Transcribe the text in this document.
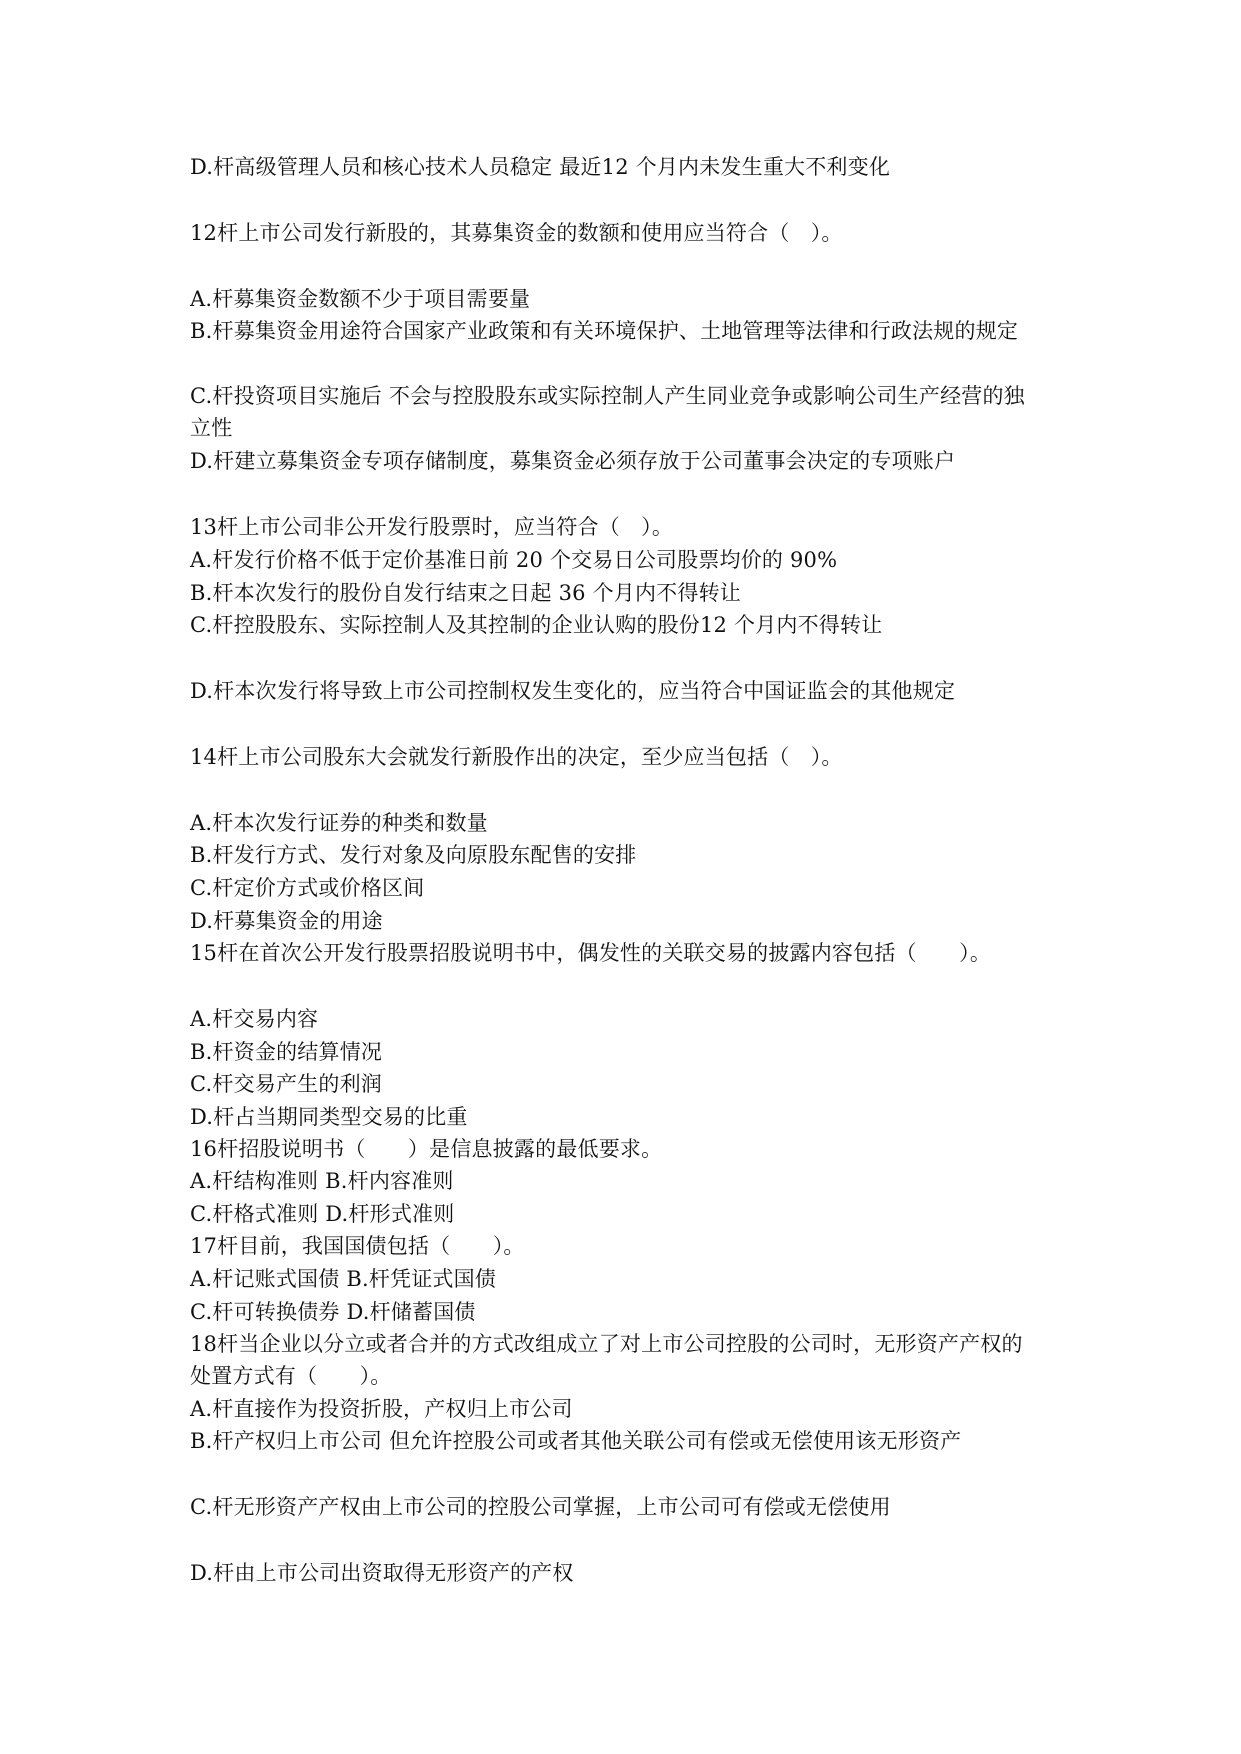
D.杆高级管理人员和核心技术人员稳定 最近12 个月内未发生重大不利变化
12杆上市公司发行新股的，其募集资金的数额和使用应当符合（　）。
A.杆募集资金数额不少于项目需要量
B.杆募集资金用途符合国家产业政策和有关环境保护、土地管理等法律和行政法规的规定
C.杆投资项目实施后 不会与控股股东或实际控制人产生同业竞争或影响公司生产经营的独
立性
D.杆建立募集资金专项存储制度，募集资金必须存放于公司董事会决定的专项账户
13杆上市公司非公开发行股票时，应当符合（　）。
A.杆发行价格不低于定价基准日前 20 个交易日公司股票均价的 90%
B.杆本次发行的股份自发行结束之日起 36 个月内不得转让
C.杆控股股东、实际控制人及其控制的企业认购的股份12 个月内不得转让
D.杆本次发行将导致上市公司控制权发生变化的，应当符合中国证监会的其他规定
14杆上市公司股东大会就发行新股作出的决定，至少应当包括（　）。
A.杆本次发行证券的种类和数量
B.杆发行方式、发行对象及向原股东配售的安排
C.杆定价方式或价格区间
D.杆募集资金的用途
15杆在首次公开发行股票招股说明书中，偶发性的关联交易的披露内容包括（　　）。
A.杆交易内容
B.杆资金的结算情况
C.杆交易产生的利润
D.杆占当期同类型交易的比重
16杆招股说明书（　　）是信息披露的最低要求。
A.杆结构准则 B.杆内容准则
C.杆格式准则 D.杆形式准则
17杆目前，我国国债包括（　　）。
A.杆记账式国债 B.杆凭证式国债
C.杆可转换债券 D.杆储蓄国债
18杆当企业以分立或者合并的方式改组成立了对上市公司控股的公司时，无形资产产权的
处置方式有（　　）。
A.杆直接作为投资折股，产权归上市公司
B.杆产权归上市公司 但允许控股公司或者其他关联公司有偿或无偿使用该无形资产
C.杆无形资产产权由上市公司的控股公司掌握，上市公司可有偿或无偿使用
D.杆由上市公司出资取得无形资产的产权
